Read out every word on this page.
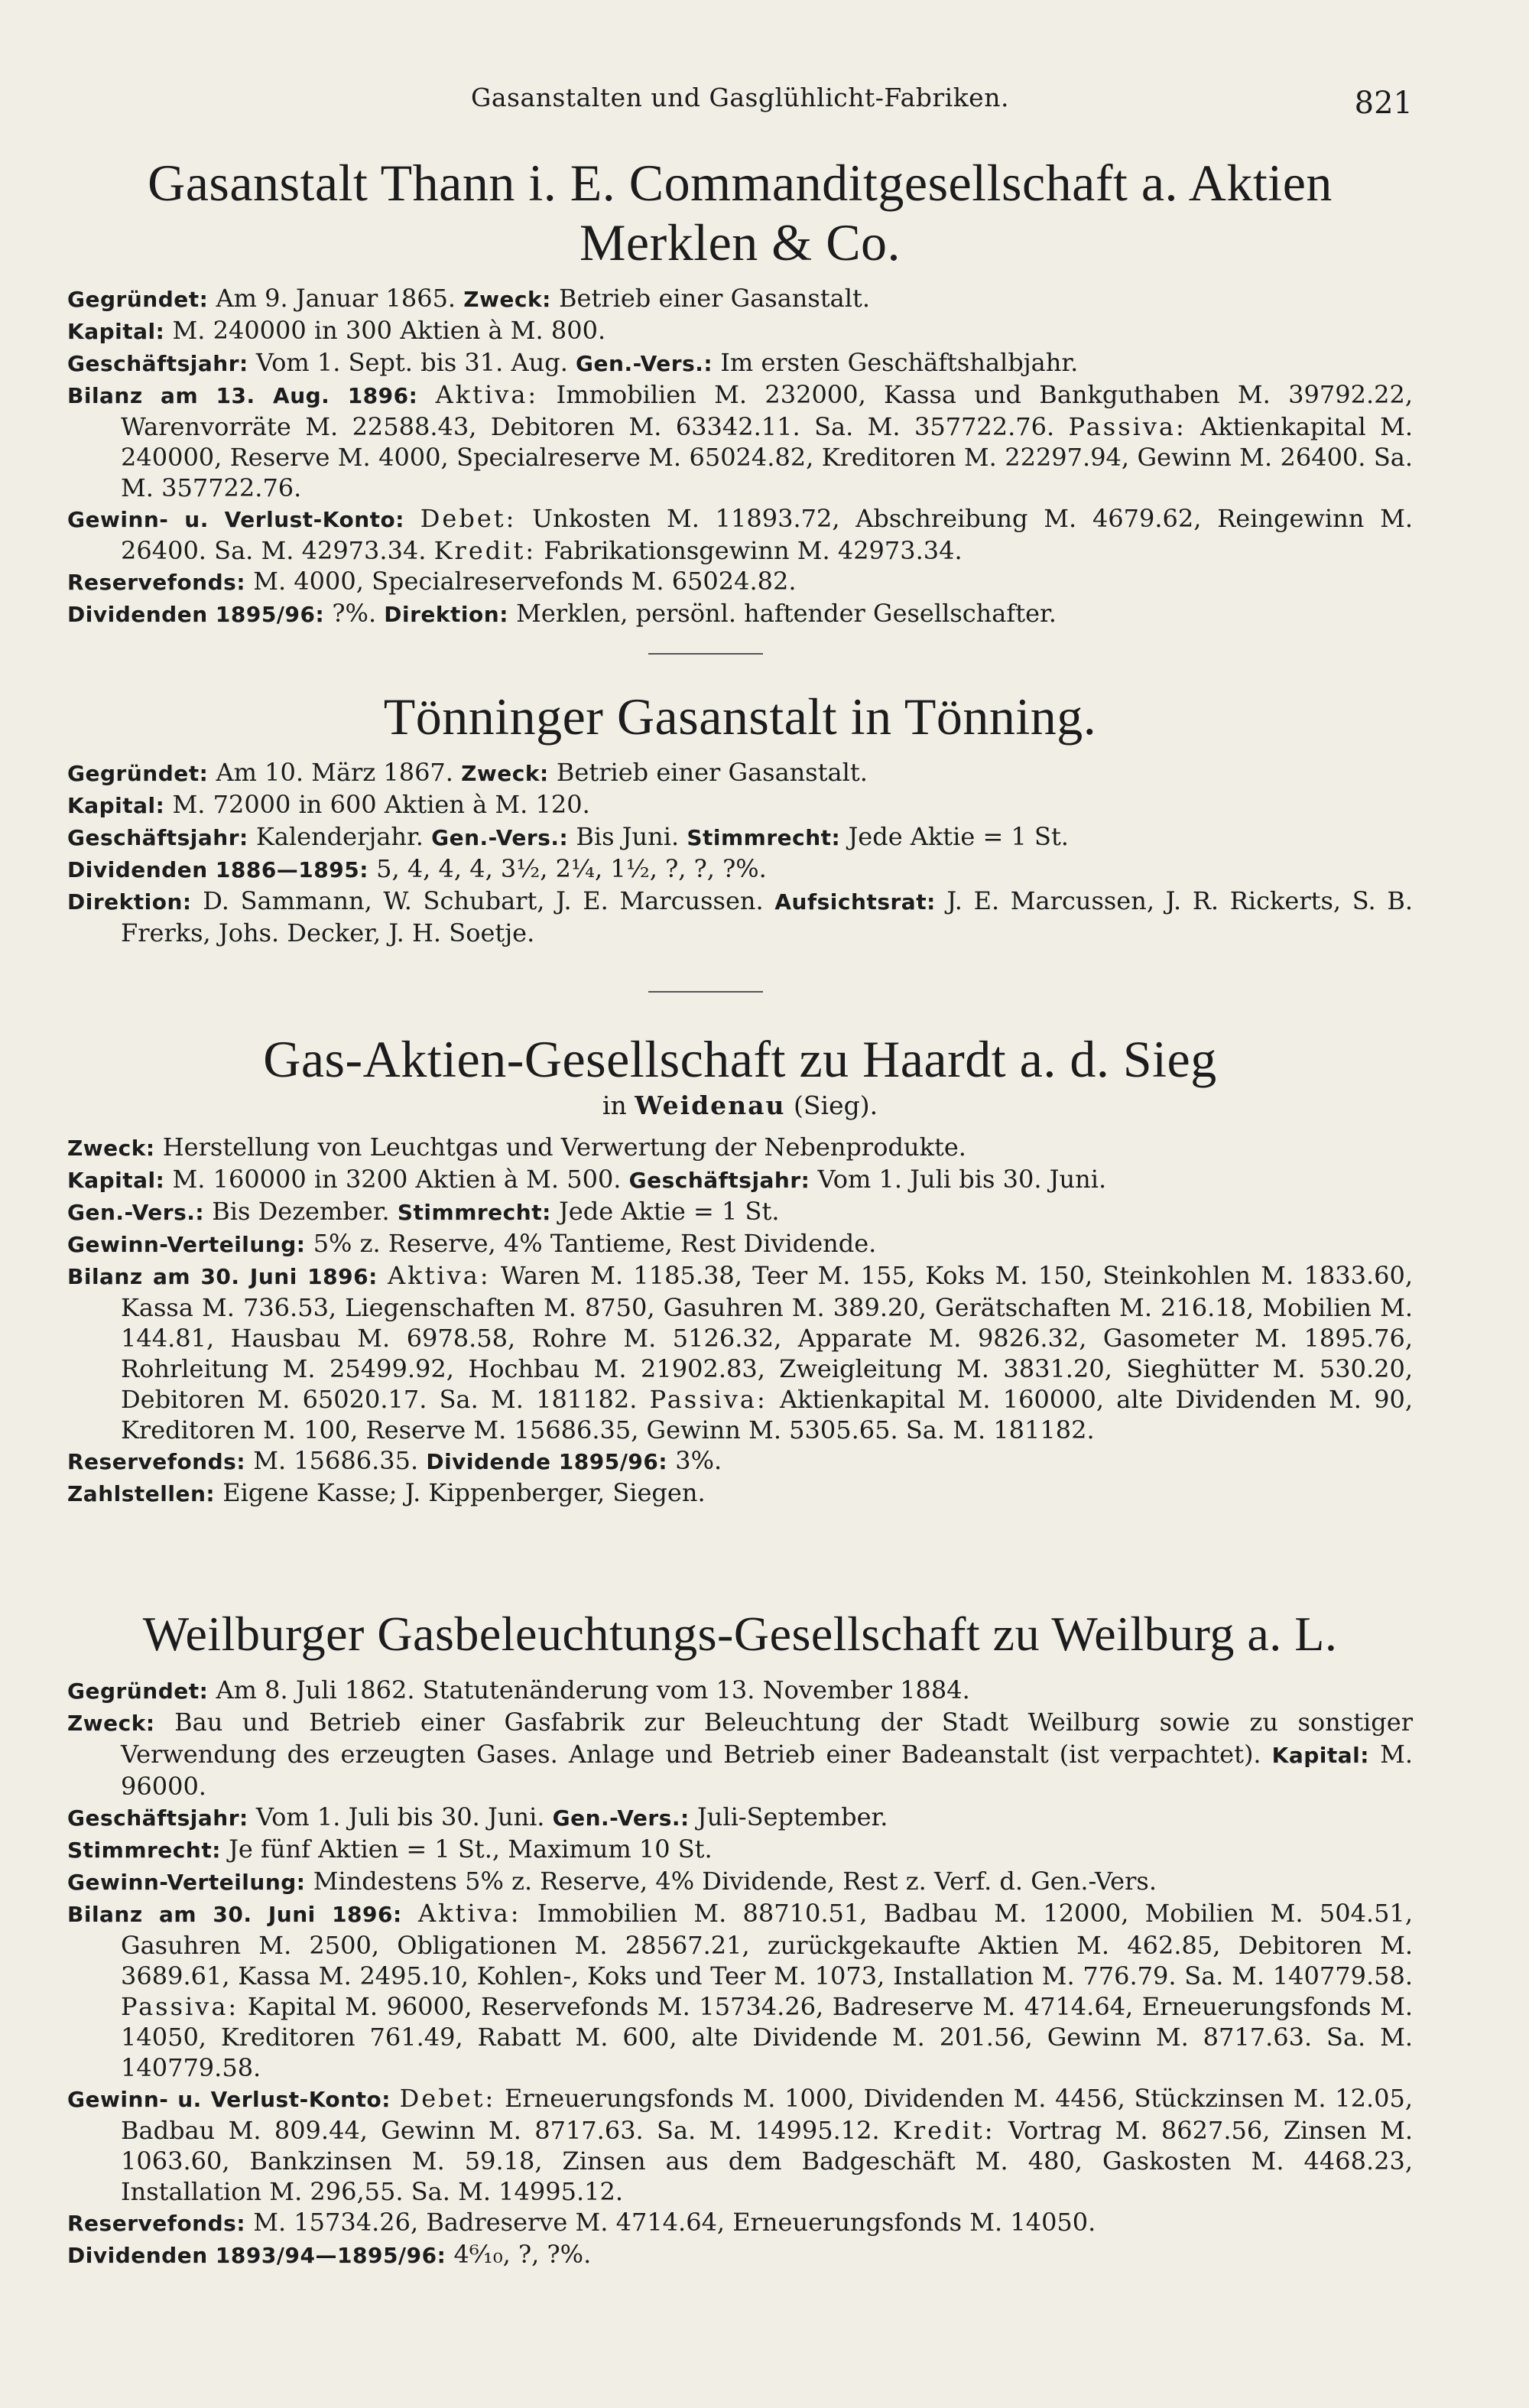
Gasanstalten und Gasglühlicht-Fabriken.	821
Gasanstalt Thann i. E. Commanditgesellschaft a. Aktien
Merklen & Co.

Gegründet: Am 9. Januar 1865. Zweck: Betrieb einer Gasanstalt.

Kapital: M. 240000 in 300 Aktien à M. 800.

Geschäftsjahr: Vom 1. Sept. bis 31. Aug. Gen.-Vers.: Im ersten Geschäftshalbjahr.

Bilanz am 13. Aug. 1896: Aktiva: Immobilien M. 232000, Kassa und Bankguthaben M. 39792.22, Warenvorräte M. 22588.43, Debitoren M. 63342.11. Sa. M. 357722.76. Passiva: Aktienkapital M. 240000, Reserve M. 4000, Specialreserve M. 65024.82, Kreditoren M. 22297.94, Gewinn M. 26400. Sa. M. 357722.76.

Gewinn- u. Verlust-Konto: Debet: Unkosten M. 11893.72, Abschreibung M. 4679.62, Reingewinn M. 26400. Sa. M. 42973.34. Kredit: Fabrikationsgewinn M. 42973.34.

Reservefonds: M. 4000, Specialreservefonds M. 65024.82.

Dividenden 1895/96: ?%. Direktion: Merklen, persönl. haftender Gesellschafter.

Tönninger Gasanstalt in Tönning.

Gegründet: Am 10. März 1867. Zweck: Betrieb einer Gasanstalt.

Kapital: M. 72000 in 600 Aktien à M. 120.

Geschäftsjahr: Kalenderjahr. Gen.-Vers.: Bis Juni. Stimmrecht: Jede Aktie = 1 St.

Dividenden 1886—1895: 5, 4, 4, 4, 3½, 2¼, 1½, ?, ?, ?%.

Direktion: D. Sammann, W. Schubart, J. E. Marcussen. Aufsichtsrat: J. E. Marcussen, J. R. Rickerts, S. B. Frerks, Johs. Decker, J. H. Soetje.

Gas-Aktien-Gesellschaft zu Haardt a. d. Sieg
in Weidenau (Sieg).

Zweck: Herstellung von Leuchtgas und Verwertung der Nebenprodukte.

Kapital: M. 160000 in 3200 Aktien à M. 500. Geschäftsjahr: Vom 1. Juli bis 30. Juni.

Gen.-Vers.: Bis Dezember. Stimmrecht: Jede Aktie = 1 St.

Gewinn-Verteilung: 5% z. Reserve, 4% Tantieme, Rest Dividende.

Bilanz am 30. Juni 1896: Aktiva: Waren M. 1185.38, Teer M. 155, Koks M. 150, Steinkohlen M. 1833.60, Kassa M. 736.53, Liegenschaften M. 8750, Gasuhren M. 389.20, Gerätschaften M. 216.18, Mobilien M. 144.81, Hausbau M. 6978.58, Rohre M. 5126.32, Apparate M. 9826.32, Gasometer M. 1895.76, Rohrleitung M. 25499.92, Hochbau M. 21902.83, Zweigleitung M. 3831.20, Sieghütter M. 530.20, Debitoren M. 65020.17. Sa. M. 181182. Passiva: Aktienkapital M. 160000, alte Dividenden M. 90, Kreditoren M. 100, Reserve M. 15686.35, Gewinn M. 5305.65. Sa. M. 181182.

Reservefonds: M. 15686.35. Dividende 1895/96: 3%.

Zahlstellen: Eigene Kasse; J. Kippenberger, Siegen.

Weilburger Gasbeleuchtungs-Gesellschaft zu Weilburg a. L.

Gegründet: Am 8. Juli 1862. Statutenänderung vom 13. November 1884.

Zweck: Bau und Betrieb einer Gasfabrik zur Beleuchtung der Stadt Weilburg sowie zu sonstiger Verwendung des erzeugten Gases. Anlage und Betrieb einer Badeanstalt (ist verpachtet). Kapital: M. 96000.

Geschäftsjahr: Vom 1. Juli bis 30. Juni. Gen.-Vers.: Juli-September.

Stimmrecht: Je fünf Aktien = 1 St., Maximum 10 St.

Gewinn-Verteilung: Mindestens 5% z. Reserve, 4% Dividende, Rest z. Verf. d. Gen.-Vers.

Bilanz am 30. Juni 1896: Aktiva: Immobilien M. 88710.51, Badbau M. 12000, Mobilien M. 504.51, Gasuhren M. 2500, Obligationen M. 28567.21, zurückgekaufte Aktien M. 462.85, Debitoren M. 3689.61, Kassa M. 2495.10, Kohlen-, Koks und Teer M. 1073, Installation M. 776.79. Sa. M. 140779.58. Passiva: Kapital M. 96000, Reservefonds M. 15734.26, Badreserve M. 4714.64, Erneuerungsfonds M. 14050, Kreditoren 761.49, Rabatt M. 600, alte Dividende M. 201.56, Gewinn M. 8717.63. Sa. M. 140779.58.

Gewinn- u. Verlust-Konto: Debet: Erneuerungsfonds M. 1000, Dividenden M. 4456, Stückzinsen M. 12.05, Badbau M. 809.44, Gewinn M. 8717.63. Sa. M. 14995.12. Kredit: Vortrag M. 8627.56, Zinsen M. 1063.60, Bankzinsen M. 59.18, Zinsen aus dem Badgeschäft M. 480, Gaskosten M. 4468.23, Installation M. 296,55. Sa. M. 14995.12.

Reservefonds: M. 15734.26, Badreserve M. 4714.64, Erneuerungsfonds M. 14050.

Dividenden 1893/94—1895/96: 4⁶⁄₁₀, ?, ?%.
